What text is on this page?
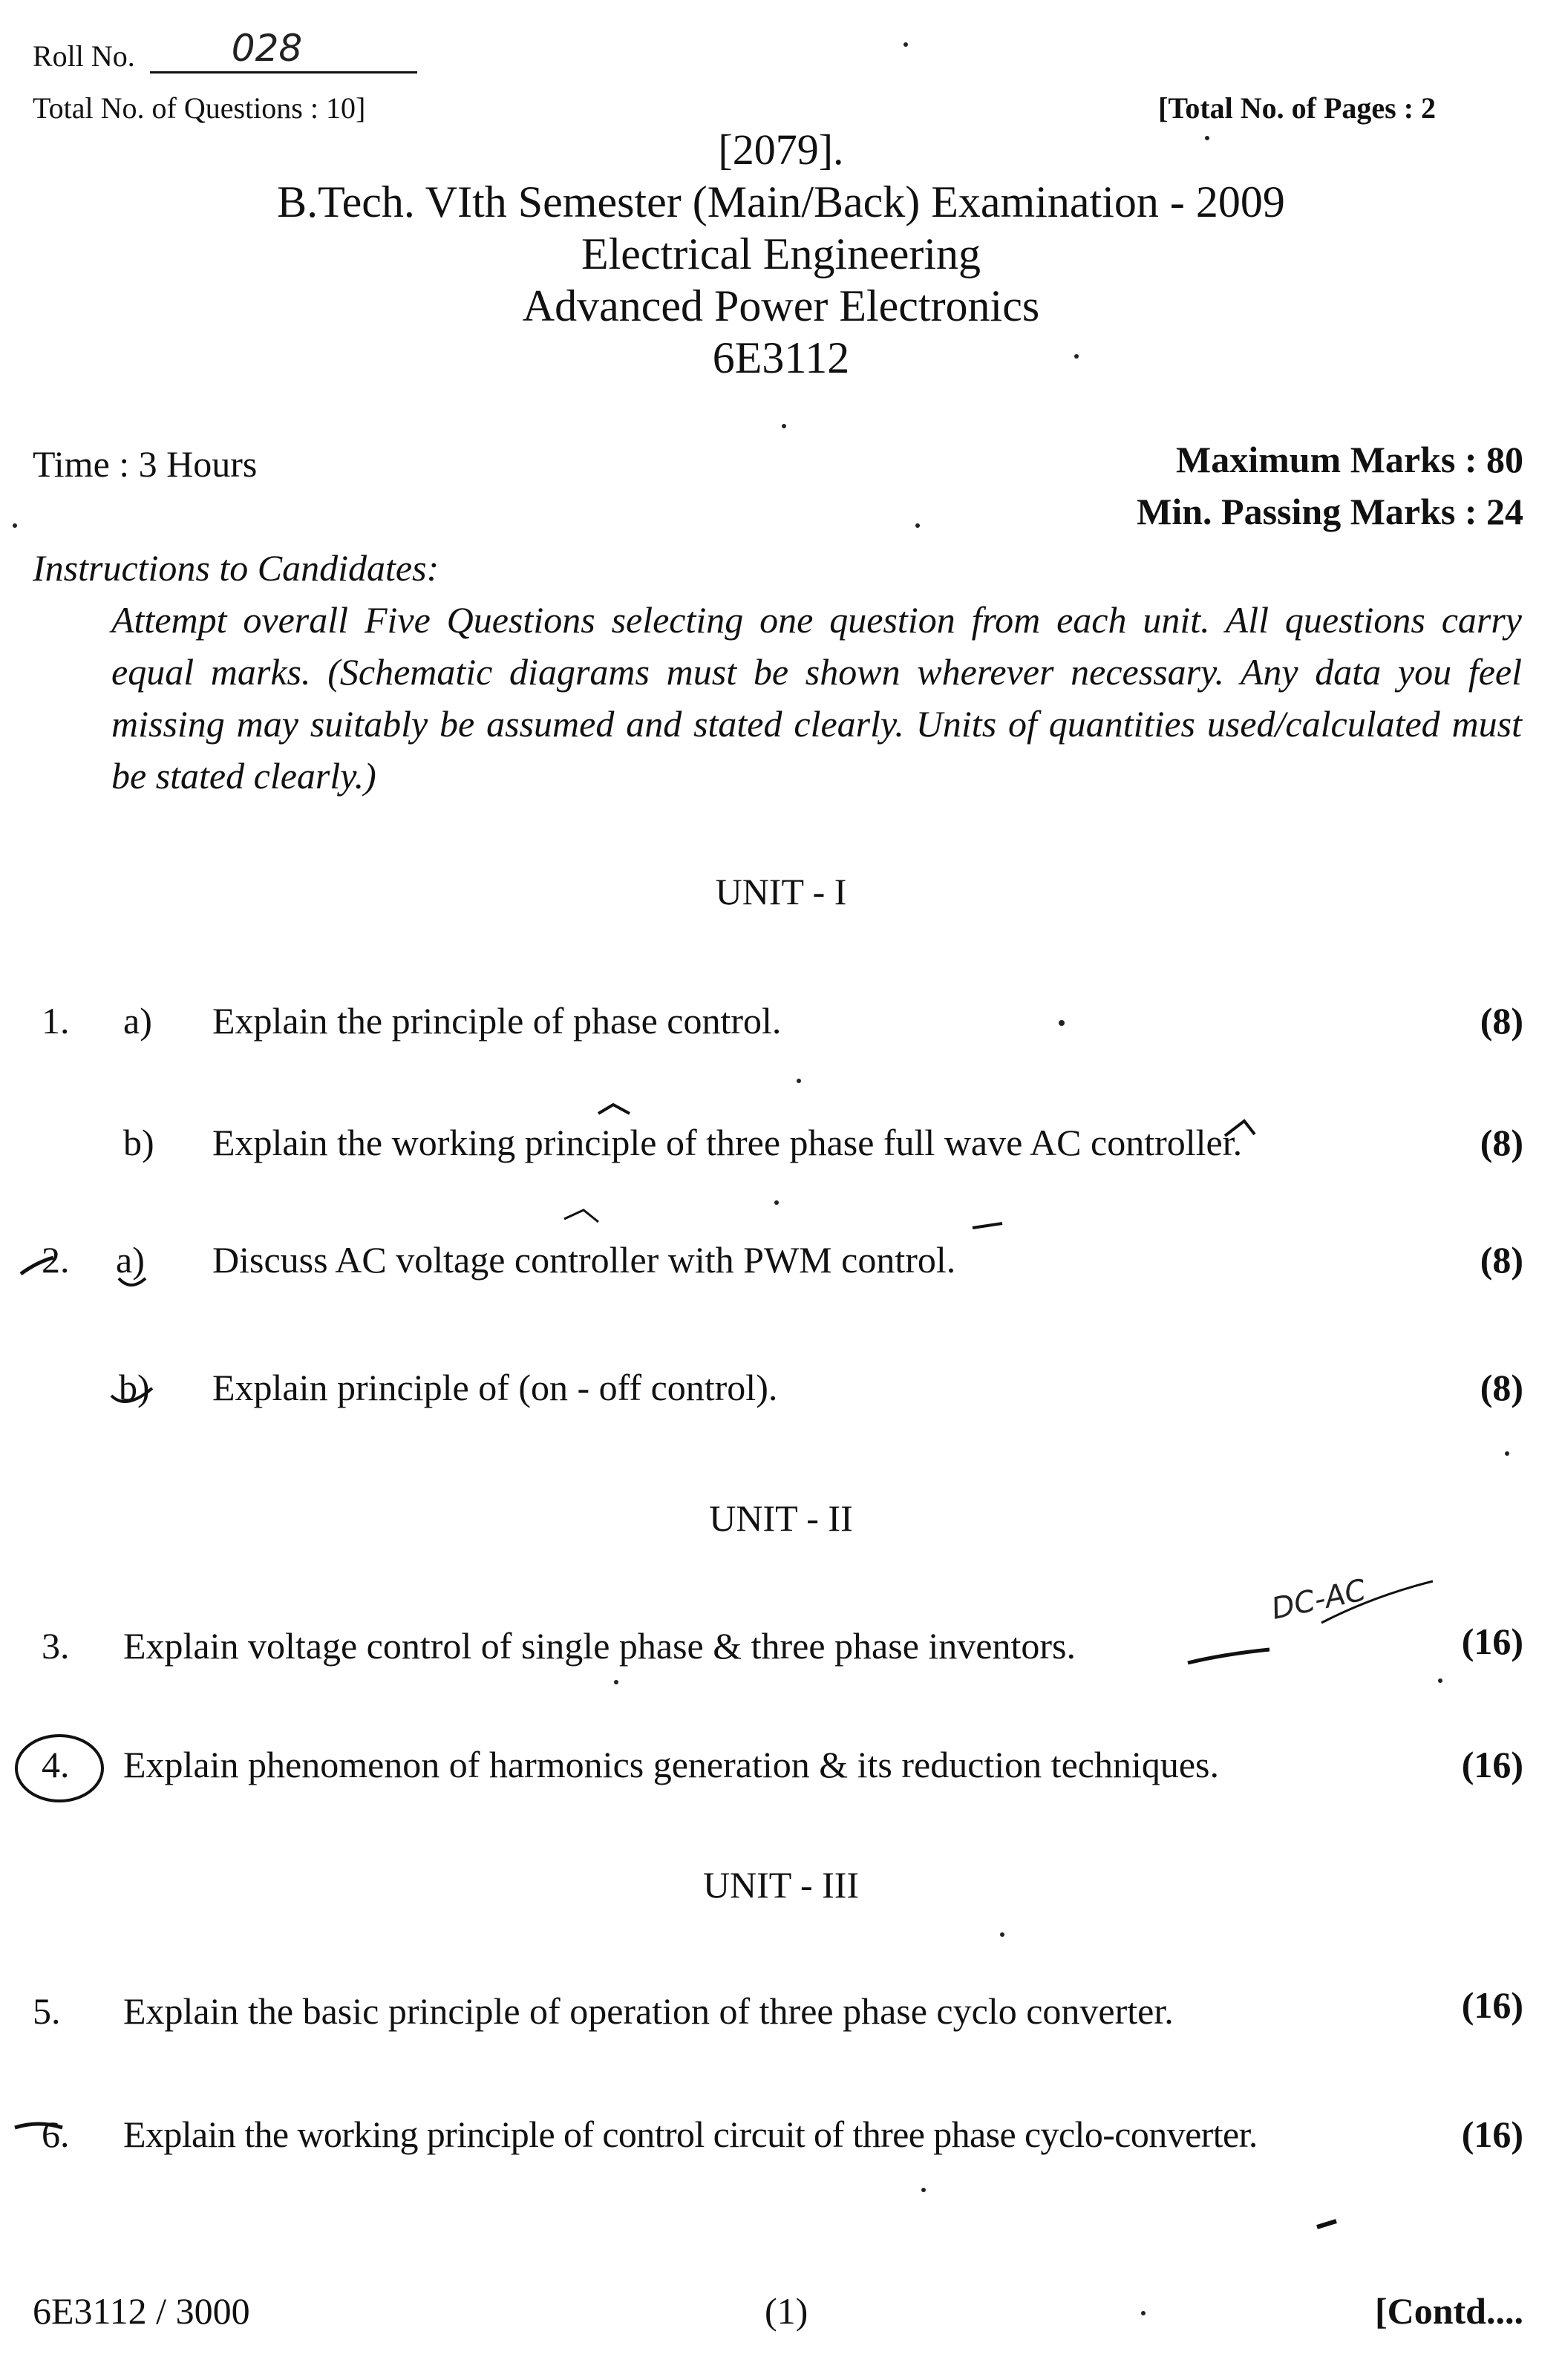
Roll No.	028
Total No. of Questions : 10]	[Total No. of Pages : 2
[2079].
B.Tech. VIth Semester (Main/Back) Examination - 2009
Electrical Engineering
Advanced Power Electronics
6E3112
Time : 3 Hours	Maximum Marks : 80
Min. Passing Marks : 24
Instructions to Candidates:
Attempt overall Five Questions selecting one question from each unit. All questions carry equal marks. (Schematic diagrams must be shown wherever necessary. Any data you feel missing may suitably be assumed and stated clearly. Units of quantities used/calculated must be stated clearly.)
UNIT - I
1. a) Explain the principle of phase control.	(8)
b) Explain the working principle of three phase full wave AC controller.	(8)
2. a) Discuss AC voltage controller with PWM control.	(8)
b) Explain principle of (on - off control).	(8)
UNIT - II
3. Explain voltage control of single phase & three phase inventors.	(16)
DC-AC
4. Explain phenomenon of harmonics generation & its reduction techniques.	(16)
UNIT - III
5. Explain the basic principle of operation of three phase cyclo converter.	(16)
6. Explain the working principle of control circuit of three phase cyclo-converter.	(16)
6E3112 / 3000	(1)	[Contd....
